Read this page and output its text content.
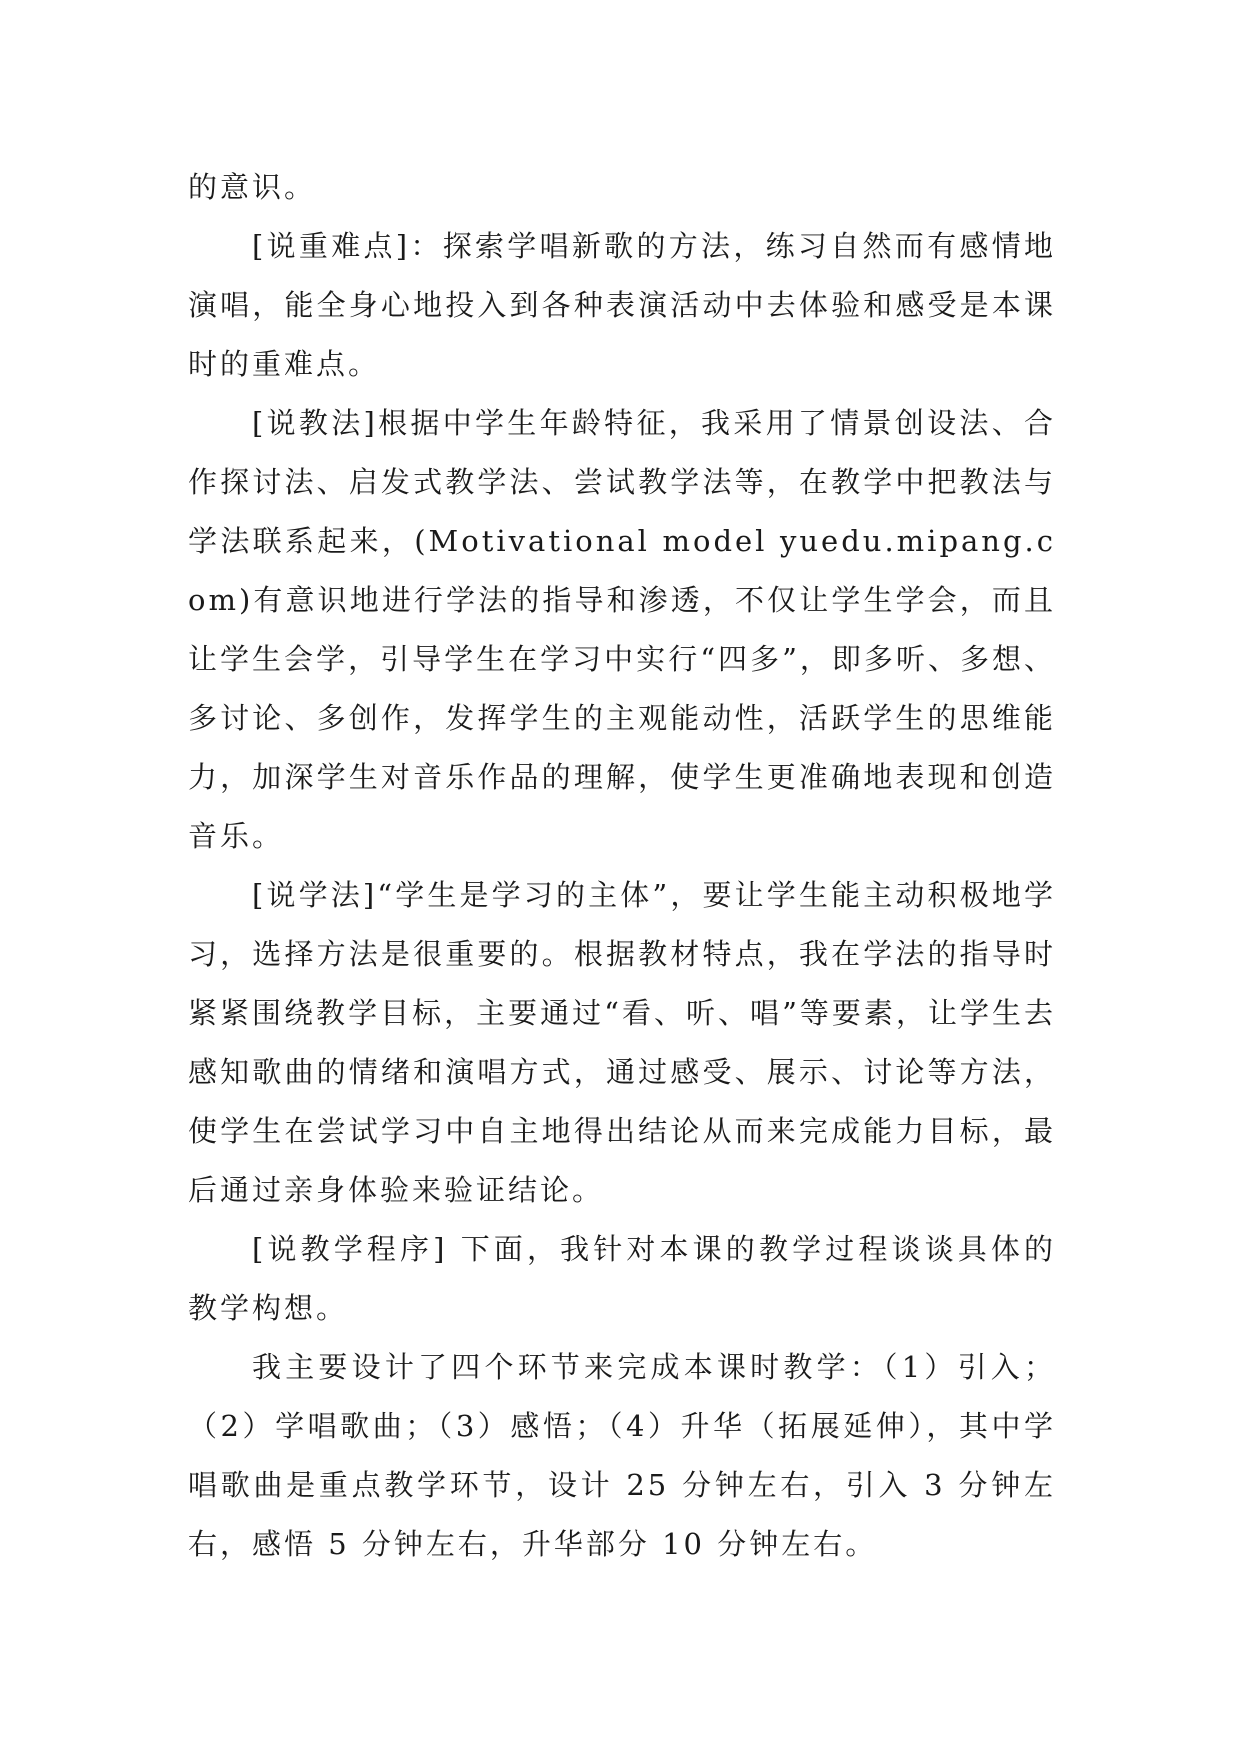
的意识。

[说重难点]：探索学唱新歌的方法，练习自然而有感情地演唱，能全身心地投入到各种表演活动中去体验和感受是本课时的重难点。

[说教法]根据中学生年龄特征，我采用了情景创设法、合作探讨法、启发式教学法、尝试教学法等，在教学中把教法与学法联系起来，(Motivational model yuedu.mipang.com)有意识地进行学法的指导和渗透，不仅让学生学会，而且让学生会学，引导学生在学习中实行“四多”，即多听、多想、多讨论、多创作，发挥学生的主观能动性，活跃学生的思维能力，加深学生对音乐作品的理解，使学生更准确地表现和创造音乐。

[说学法]“学生是学习的主体”，要让学生能主动积极地学习，选择方法是很重要的。根据教材特点，我在学法的指导时紧紧围绕教学目标，主要通过“看、听、唱”等要素，让学生去感知歌曲的情绪和演唱方式，通过感受、展示、讨论等方法，使学生在尝试学习中自主地得出结论从而来完成能力目标，最后通过亲身体验来验证结论。

[说教学程序] 下面，我针对本课的教学过程谈谈具体的教学构想。

我主要设计了四个环节来完成本课时教学：（1）引入；（2）学唱歌曲；（3）感悟；（4）升华（拓展延伸），其中学唱歌曲是重点教学环节，设计 25 分钟左右，引入 3 分钟左右，感悟 5 分钟左右，升华部分 10 分钟左右。
